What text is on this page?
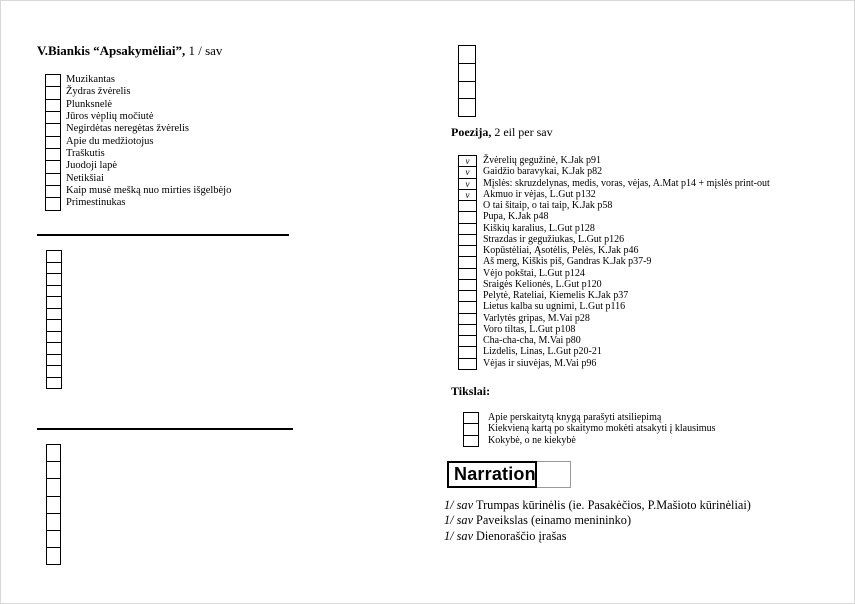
V.Biankis “Apsakymėliai”, 1 / sav
Muzikantas
Žydras žvėrelis
Plunksnelė
Jūros vėplių močiutė
Negirdėtas neregėtas žvėrelis
Apie du medžiotojus
Traškutis
Juodoji lapė
Netikšiai
Kaip musė mešką nuo mirties išgelbėjo
Primestinukas
Poezija, 2 eil per sav
v	Žvėrelių gegužinė, K.Jak p91
v	Gaidžio baravykai, K.Jak p82
v	Mįslės: skruzdelynas, medis, voras, vėjas, A.Mat p14 + mįslės print-out
v	Akmuo ir vėjas, L.Gut p132
O tai šitaip, o tai taip, K.Jak p58
Pupa, K.Jak p48
Kiškių karalius, L.Gut p128
Strazdas ir gegužiukas, L.Gut p126
Kopūstėliai, Ąsotėlis, Pelės, K.Jak p46
Aš merg, Kiškis piš, Gandras K.Jak p37-9
Vėjo pokštai, L.Gut p124
Sraigės Kelionės, L.Gut p120
Pelytė, Rateliai, Kiemelis K.Jak p37
Lietus kalba su ugnimi, L.Gut p116
Varlytės gripas, M.Vai p28
Voro tiltas, L.Gut p108
Cha-cha-cha, M.Vai p80
Lizdelis, Linas, L.Gut p20-21
Vėjas ir siuvėjas, M.Vai p96
Tikslai:
Apie perskaitytą knygą parašyti atsiliepimą
Kiekvieną kartą po skaitymo mokėti atsakyti į klausimus
Kokybė, o ne kiekybė
Narration
1/ sav Trumpas kūrinėlis (ie. Pasakėčios, P.Mašioto kūrinėliai)
1/ sav Paveikslas (einamo menininko)
1/ sav Dienoraščio įrašas
